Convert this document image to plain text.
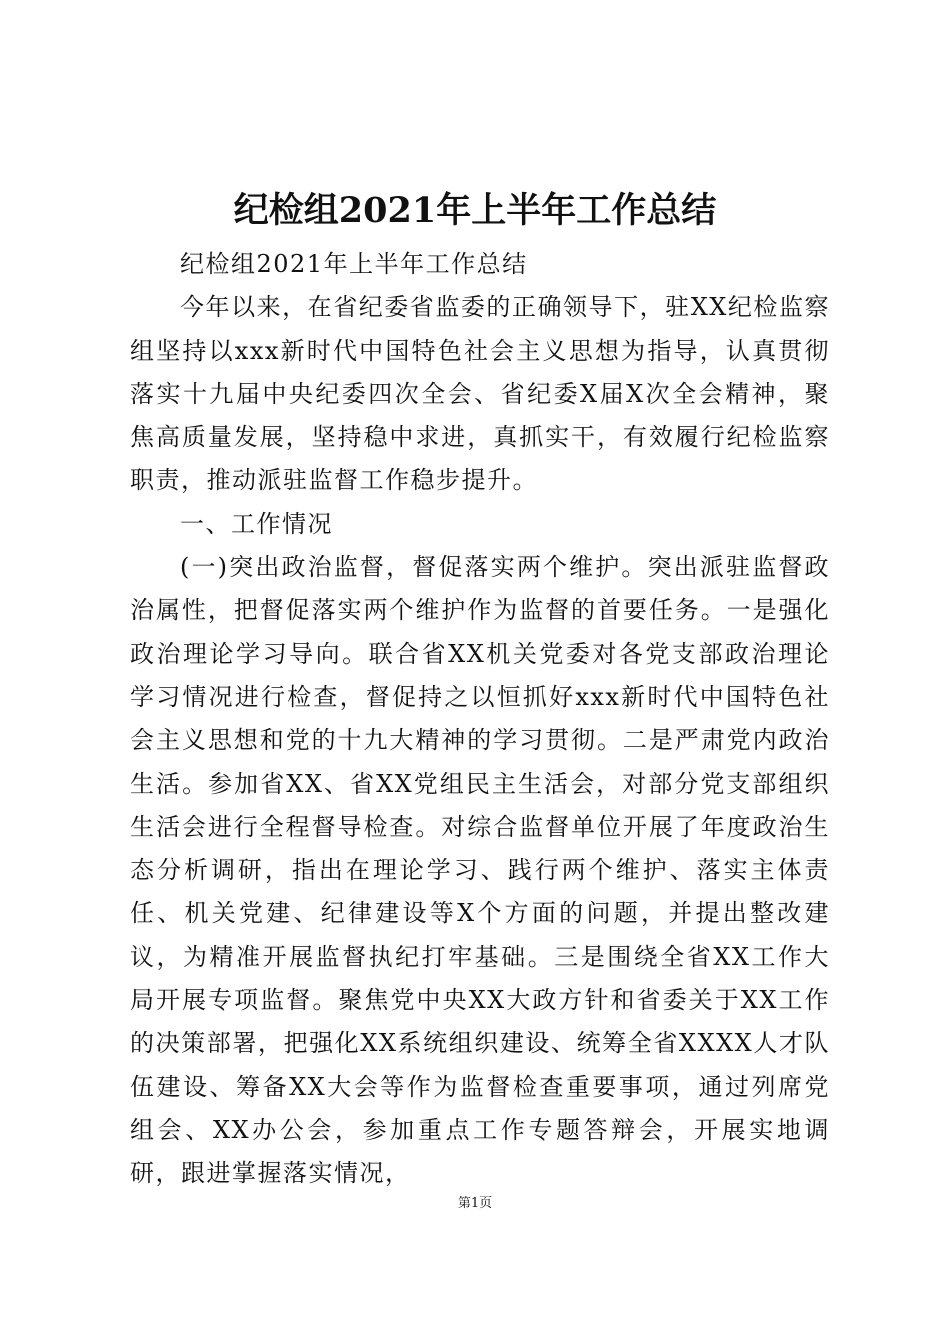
纪检组2021年上半年工作总结

纪检组2021年上半年工作总结

今年以来，在省纪委省监委的正确领导下，驻XX纪检监察组坚持以xxx新时代中国特色社会主义思想为指导，认真贯彻落实十九届中央纪委四次全会、省纪委X届X次全会精神，聚焦高质量发展，坚持稳中求进，真抓实干，有效履行纪检监察职责，推动派驻监督工作稳步提升。

一、工作情况

(一)突出政治监督，督促落实两个维护。突出派驻监督政治属性，把督促落实两个维护作为监督的首要任务。一是强化政治理论学习导向。联合省XX机关党委对各党支部政治理论学习情况进行检查，督促持之以恒抓好xxx新时代中国特色社会主义思想和党的十九大精神的学习贯彻。二是严肃党内政治生活。参加省XX、省XX党组民主生活会，对部分党支部组织生活会进行全程督导检查。对综合监督单位开展了年度政治生态分析调研，指出在理论学习、践行两个维护、落实主体责任、机关党建、纪律建设等X个方面的问题，并提出整改建议，为精准开展监督执纪打牢基础。三是围绕全省XX工作大局开展专项监督。聚焦党中央XX大政方针和省委关于XX工作的决策部署，把强化XX系统组织建设、统筹全省XXXX人才队伍建设、筹备XX大会等作为监督检查重要事项，通过列席党组会、XX办公会，参加重点工作专题答辩会，开展实地调研，跟进掌握落实情况，

第1页
